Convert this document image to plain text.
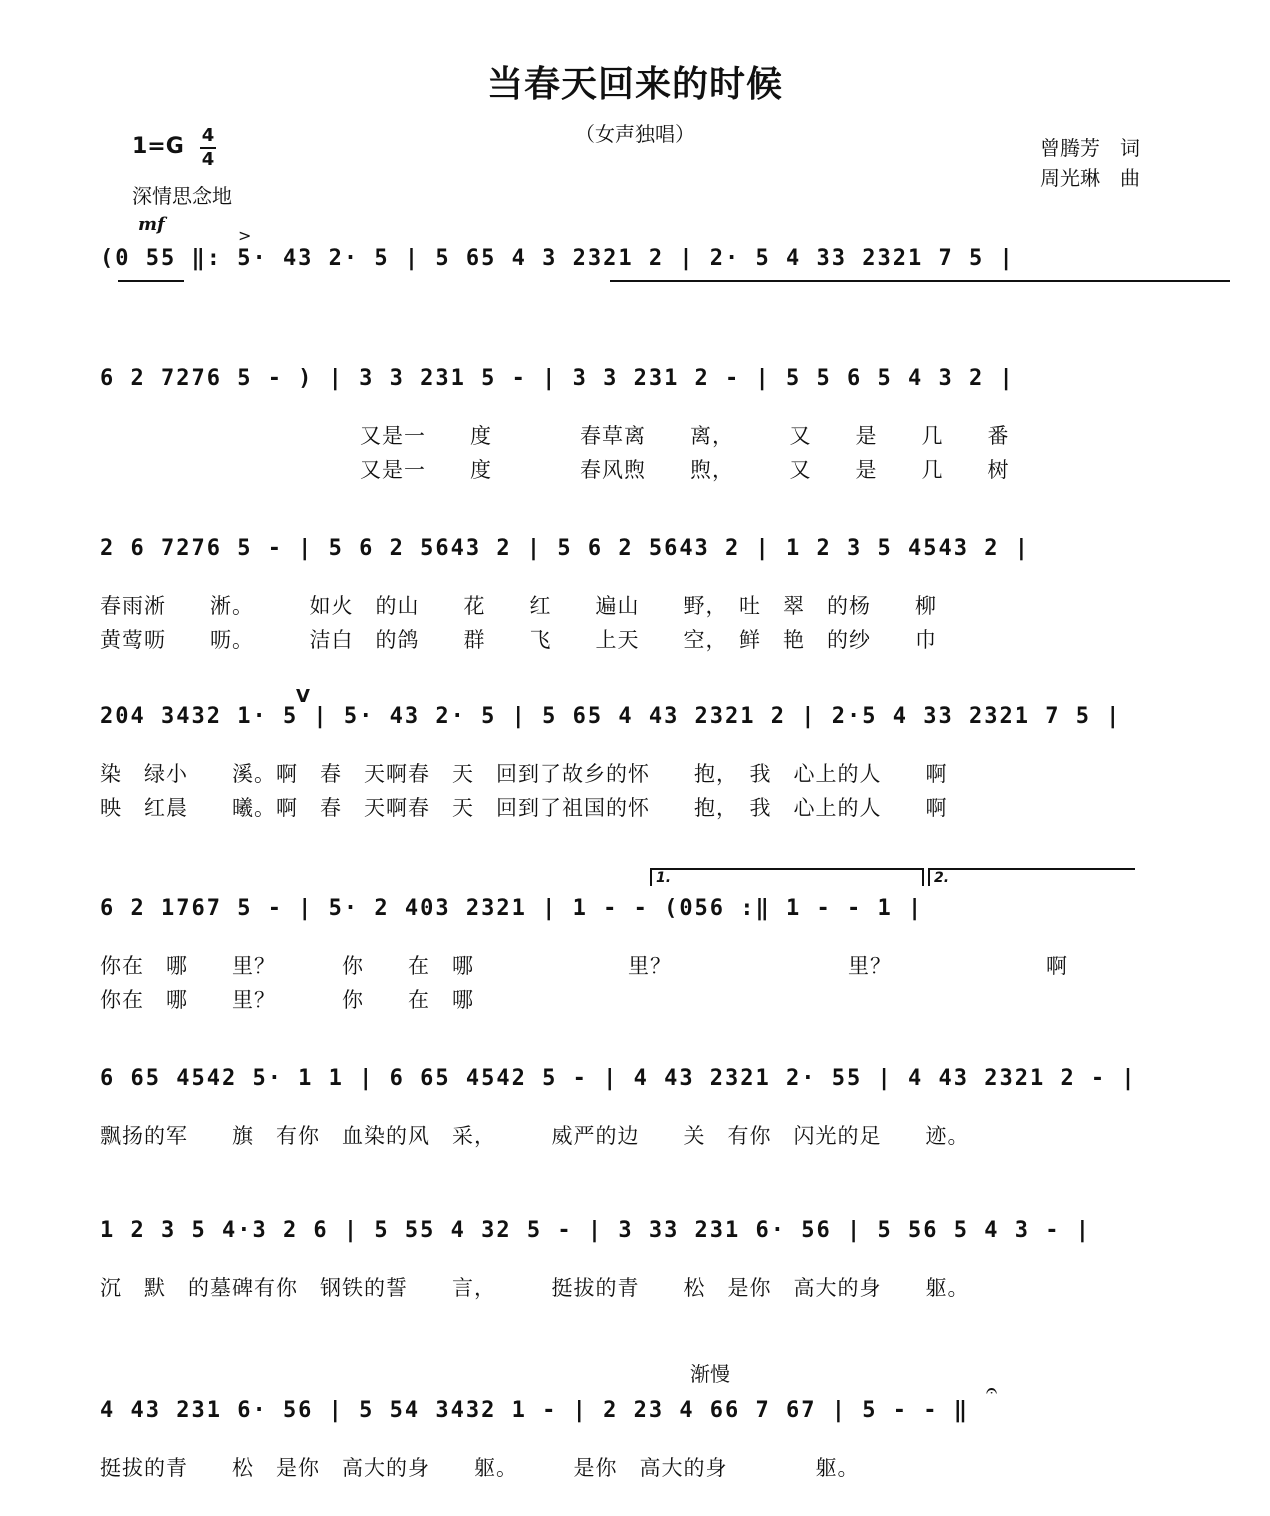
当春天回来的时候
（女声独唱）
1=G 4
4
深情思念地
曾腾芳　词
周光琳　曲
mf
>
V
渐慢
1.	2.
(0 55 ‖: 5· 43 2· 5 | 5 65 4 3 2321 2 | 2· 5 4 33 2321 7 5 |
6 2 7276 5 - ) | 3 3 231 5 - | 3 3 231 2 - | 5 5 6 5 4 3 2 |
又是一　　度　　　　春草离　　离，　　　又　　是　　几　　番
又是一　　度　　　　春风煦　　煦，　　　又　　是　　几　　树
2 6 7276 5 - | 5 6 2 5643 2 | 5 6 2 5643 2 | 1 2 3 5 4543 2 |
春雨淅　　淅。　　　如火　的山　　花　　红　　遍山　　野，　吐　翠　的杨　　柳
黄莺呖　　呖。　　　洁白　的鸽　　群　　飞　　上天　　空，　鲜　艳　的纱　　巾
204 3432 1· 5 | 5· 43 2· 5 | 5 65 4 43 2321 2 | 2·5 4 33 2321 7 5 |
染　绿小　　溪。啊　春　天啊春　天　回到了故乡的怀　　抱，　我　心上的人　　啊
映　红晨　　曦。啊　春　天啊春　天　回到了祖国的怀　　抱，　我　心上的人　　啊
6 2 1767 5 - | 5· 2 403 2321 | 1 - - (056 :‖ 1 - - 1 |
你在　哪　　里？　　　你　　在　哪　　　　　　　里？　　　　　　　　里？　　　　　　　啊
你在　哪　　里？　　　你　　在　哪
6 65 4542 5· 1 1 | 6 65 4542 5 - | 4 43 2321 2· 55 | 4 43 2321 2 - |
飘扬的军　　旗　有你　血染的风　采，　　　威严的边　　关　有你　闪光的足　　迹。
1 2 3 5 4·3 2 6 | 5 55 4 32 5 - | 3 33 231 6· 56 | 5 56 5 4 3 - |
沉　默　的墓碑有你　钢铁的誓　　言，　　　挺拔的青　　松　是你　高大的身　　躯。
4 43 231 6· 56 | 5 54 3432 1 - | 2 23 4 66 7 67 | 5 - - ‖
挺拔的青　　松　是你　高大的身　　躯。　　　是你　高大的身　　　　躯。
𝄐
